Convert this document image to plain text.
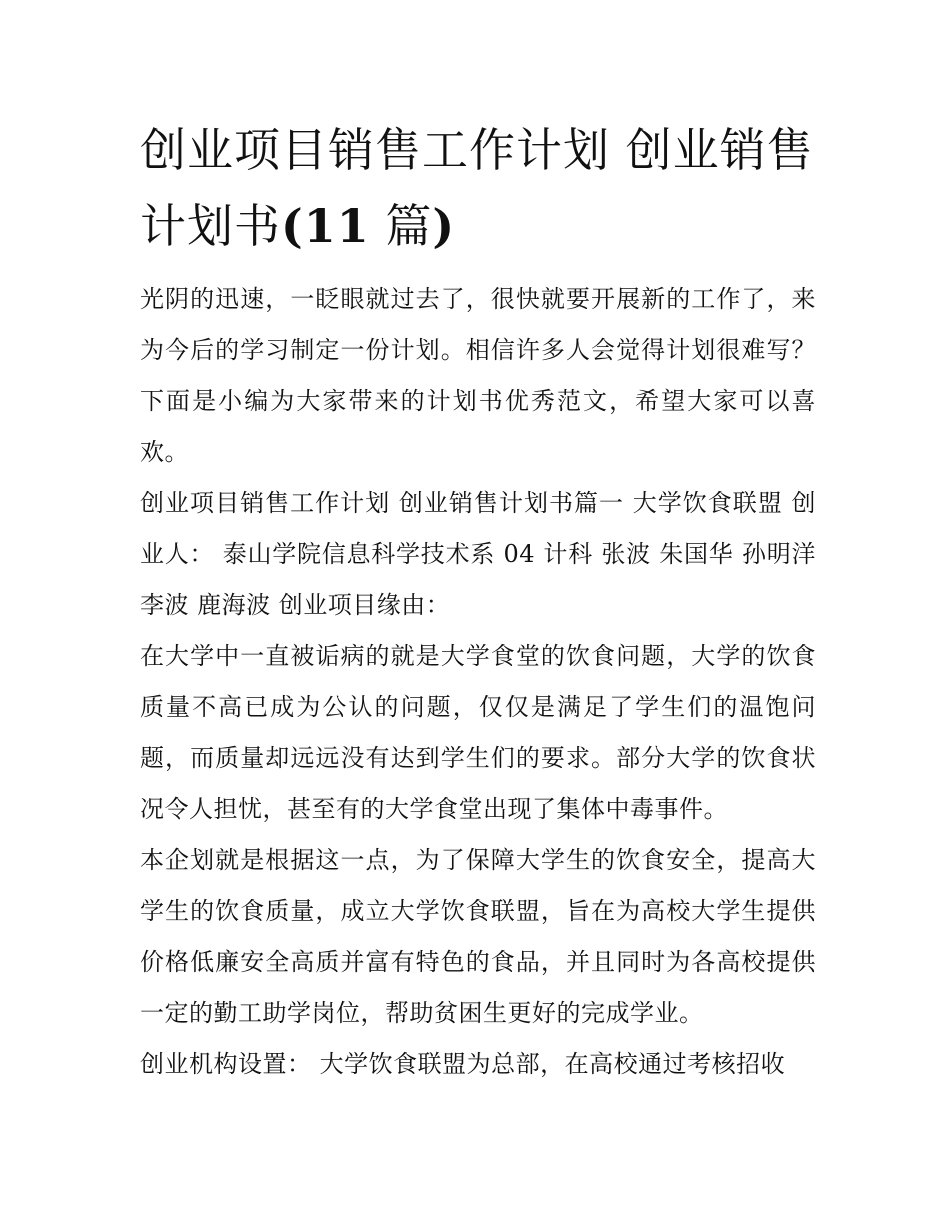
创业项目销售工作计划 创业销售计划书(11 篇)

光阴的迅速，一眨眼就过去了，很快就要开展新的工作了，来为今后的学习制定一份计划。相信许多人会觉得计划很难写？下面是小编为大家带来的计划书优秀范文，希望大家可以喜欢。

创业项目销售工作计划 创业销售计划书篇一 大学饮食联盟 创业人： 泰山学院信息科学技术系 04 计科 张波 朱国华 孙明洋 李波 鹿海波 创业项目缘由：

在大学中一直被诟病的就是大学食堂的饮食问题，大学的饮食质量不高已成为公认的问题，仅仅是满足了学生们的温饱问题，而质量却远远没有达到学生们的要求。部分大学的饮食状况令人担忧，甚至有的大学食堂出现了集体中毒事件。

本企划就是根据这一点，为了保障大学生的饮食安全，提高大学生的饮食质量，成立大学饮食联盟，旨在为高校大学生提供价格低廉安全高质并富有特色的食品，并且同时为各高校提供一定的勤工助学岗位，帮助贫困生更好的完成学业。

创业机构设置： 大学饮食联盟为总部，在高校通过考核招收
